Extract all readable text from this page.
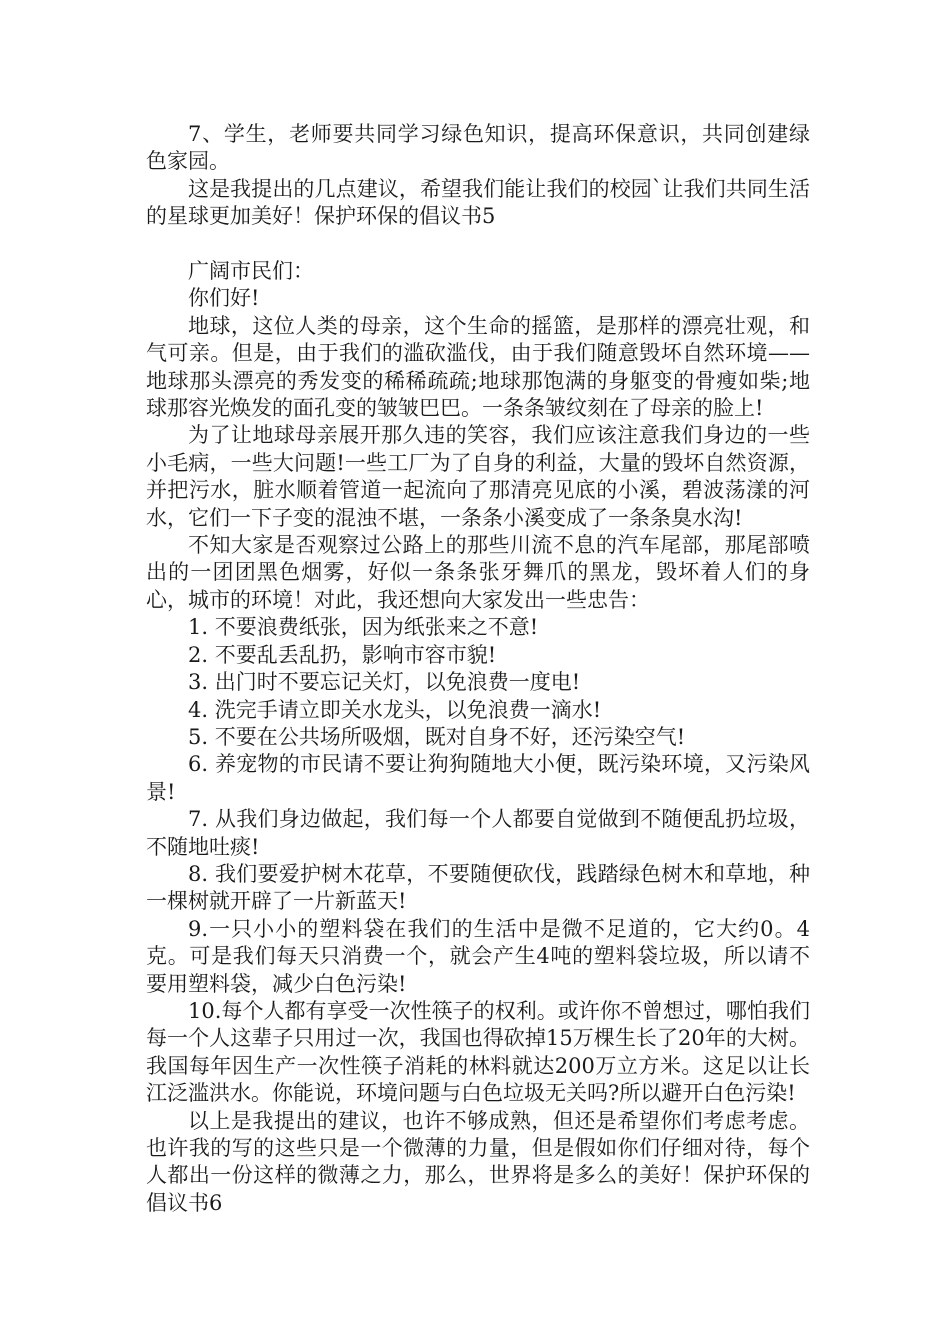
7、学生，老师要共同学习绿色知识，提高环保意识，共同创建绿色家园。

这是我提出的几点建议，希望我们能让我们的校园`让我们共同生活的星球更加美好！保护环保的倡议书5

广阔市民们：

你们好!

地球，这位人类的母亲，这个生命的摇篮，是那样的漂亮壮观，和气可亲。但是，由于我们的滥砍滥伐，由于我们随意毁坏自然环境——地球那头漂亮的秀发变的稀稀疏疏;地球那饱满的身躯变的骨瘦如柴;地球那容光焕发的面孔变的皱皱巴巴。一条条皱纹刻在了母亲的脸上!

为了让地球母亲展开那久违的笑容，我们应该注意我们身边的一些小毛病，一些大问题!一些工厂为了自身的利益，大量的毁坏自然资源，并把污水，脏水顺着管道一起流向了那清亮见底的小溪，碧波荡漾的河水，它们一下子变的混浊不堪，一条条小溪变成了一条条臭水沟!

不知大家是否观察过公路上的那些川流不息的汽车尾部，那尾部喷出的一团团黑色烟雾，好似一条条张牙舞爪的黑龙，毁坏着人们的身心，城市的环境！对此，我还想向大家发出一些忠告：

1. 不要浪费纸张，因为纸张来之不意!

2. 不要乱丢乱扔，影响市容市貌!

3. 出门时不要忘记关灯，以免浪费一度电!

4. 洗完手请立即关水龙头，以免浪费一滴水!

5. 不要在公共场所吸烟，既对自身不好，还污染空气!

6. 养宠物的市民请不要让狗狗随地大小便，既污染环境，又污染风景!

7. 从我们身边做起，我们每一个人都要自觉做到不随便乱扔垃圾，不随地吐痰!

8. 我们要爱护树木花草，不要随便砍伐，践踏绿色树木和草地，种一棵树就开辟了一片新蓝天!

9.一只小小的塑料袋在我们的生活中是微不足道的，它大约0。4克。可是我们每天只消费一个，就会产生4吨的塑料袋垃圾，所以请不要用塑料袋，减少白色污染!

10.每个人都有享受一次性筷子的权利。或许你不曾想过，哪怕我们每一个人这辈子只用过一次，我国也得砍掉15万棵生长了20年的大树。我国每年因生产一次性筷子消耗的林料就达200万立方米。这足以让长江泛滥洪水。你能说，环境问题与白色垃圾无关吗?所以避开白色污染!

以上是我提出的建议，也许不够成熟，但还是希望你们考虑考虑。也许我的写的这些只是一个微薄的力量，但是假如你们仔细对待，每个人都出一份这样的微薄之力，那么，世界将是多么的美好！保护环保的倡议书6
